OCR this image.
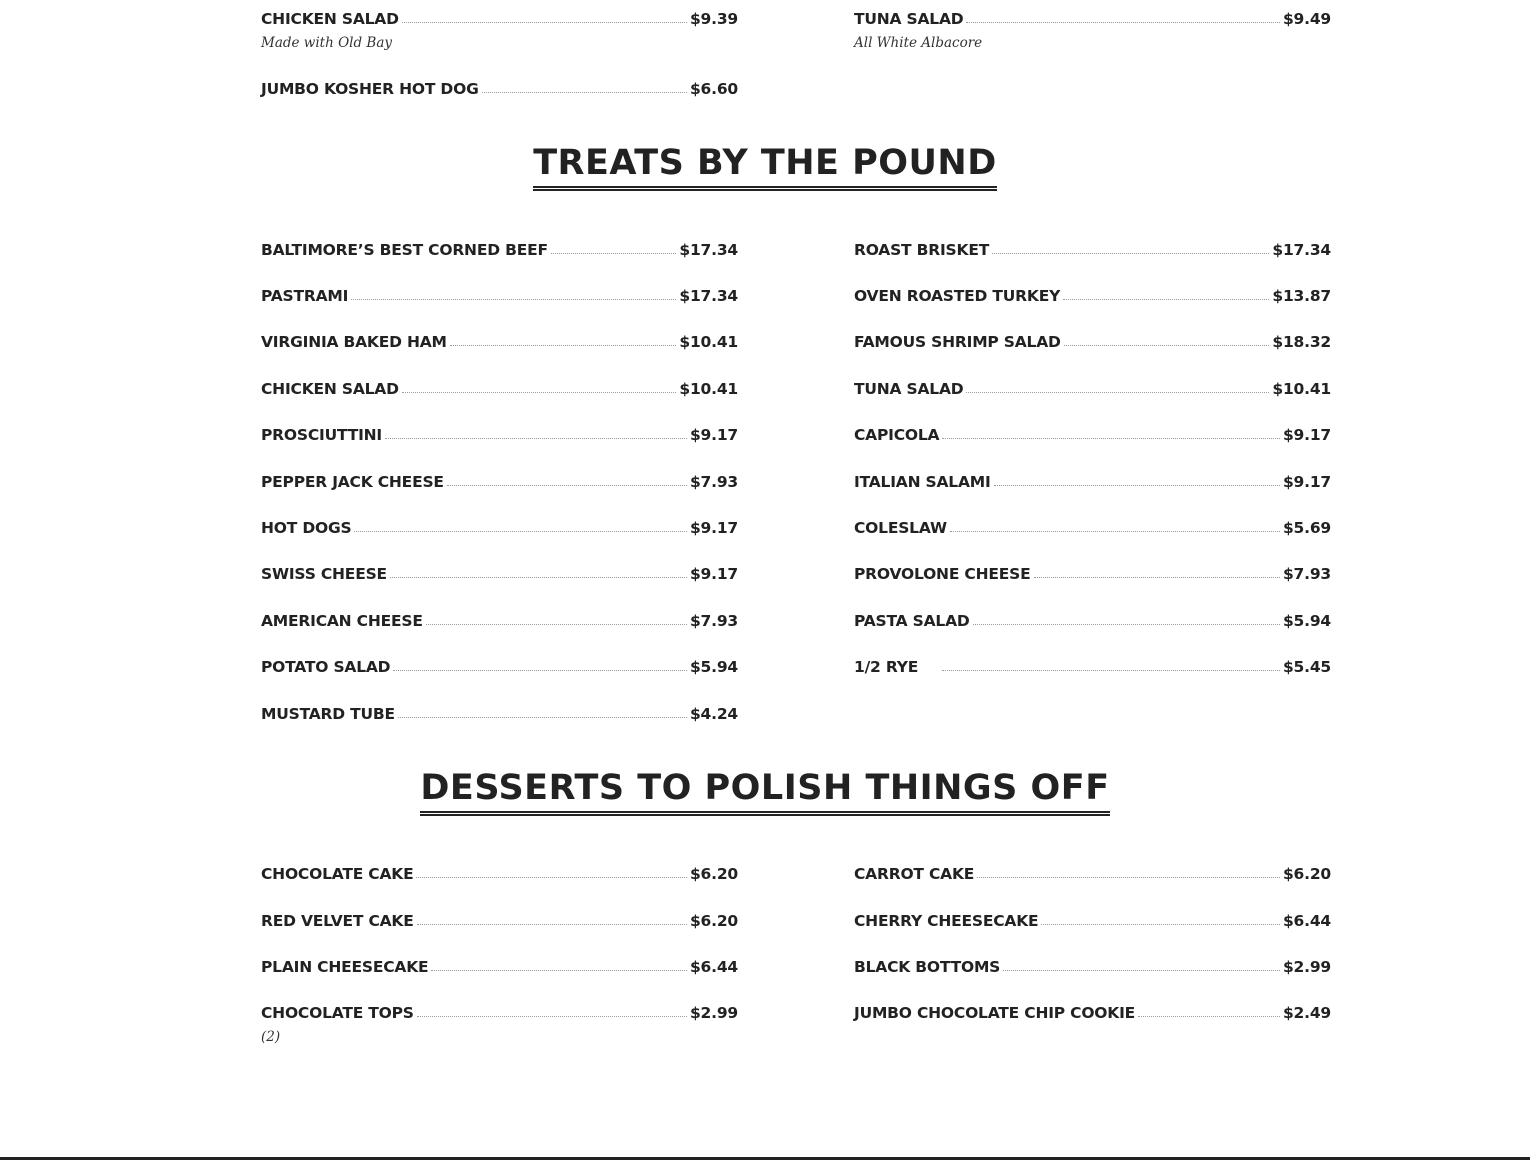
CHICKEN SALAD	$9.39
Made with Old Bay
JUMBO KOSHER HOT DOG	$6.60
TUNA SALAD	$9.49
All White Albacore
TREATS BY THE POUND
BALTIMORE’S BEST CORNED BEEF	$17.34
PASTRAMI	$17.34
VIRGINIA BAKED HAM	$10.41
CHICKEN SALAD	$10.41
PROSCIUTTINI	$9.17
PEPPER JACK CHEESE	$7.93
HOT DOGS	$9.17
SWISS CHEESE	$9.17
AMERICAN CHEESE	$7.93
POTATO SALAD	$5.94
MUSTARD TUBE	$4.24
ROAST BRISKET	$17.34
OVEN ROASTED TURKEY	$13.87
FAMOUS SHRIMP SALAD	$18.32
TUNA SALAD	$10.41
CAPICOLA	$9.17
ITALIAN SALAMI	$9.17
COLESLAW	$5.69
PROVOLONE CHEESE	$7.93
PASTA SALAD	$5.94
1/2 RYE	$5.45
DESSERTS TO POLISH THINGS OFF
CHOCOLATE CAKE	$6.20
RED VELVET CAKE	$6.20
PLAIN CHEESECAKE	$6.44
CHOCOLATE TOPS	$2.99
(2)
CARROT CAKE	$6.20
CHERRY CHEESECAKE	$6.44
BLACK BOTTOMS	$2.99
JUMBO CHOCOLATE CHIP COOKIE	$2.49
